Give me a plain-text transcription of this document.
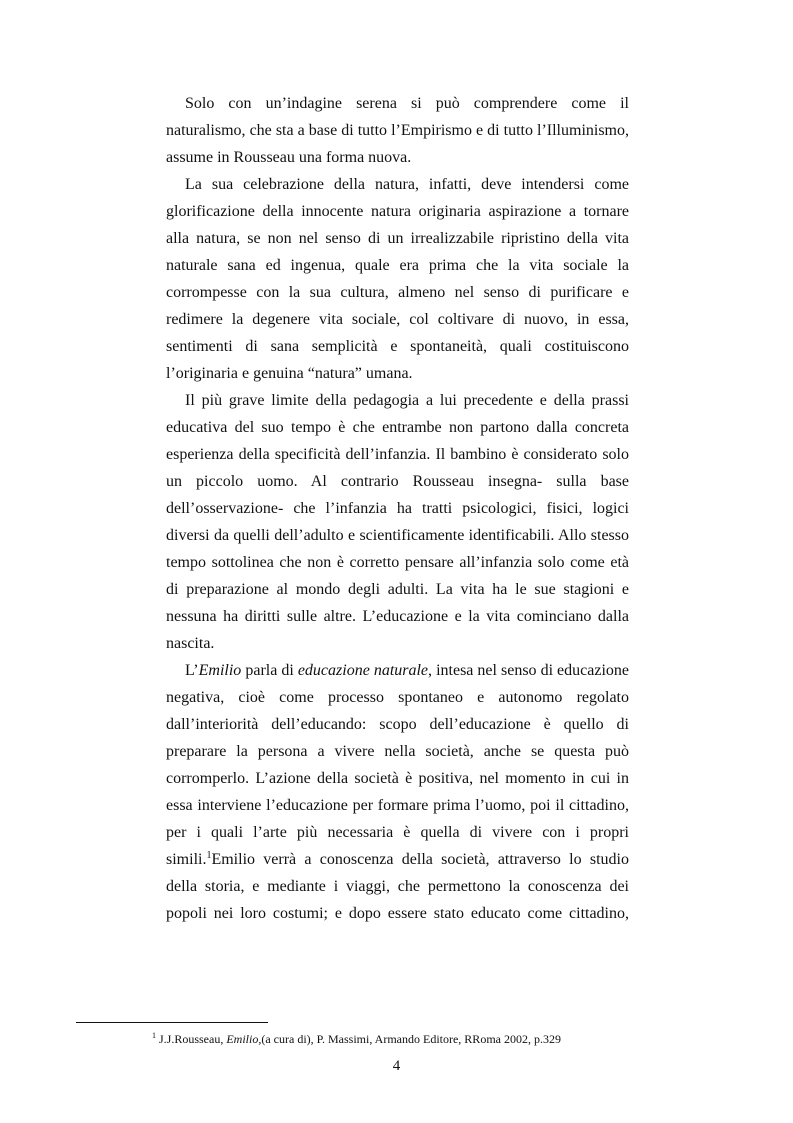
Solo con un’indagine serena si può comprendere come il naturalismo, che sta a base di tutto l’Empirismo e di tutto l’Illuminismo, assume in Rousseau una forma nuova.

La sua celebrazione della natura, infatti, deve intendersi come glorificazione della innocente natura originaria aspirazione a tornare alla natura, se non nel senso di un irrealizzabile ripristino della vita naturale sana ed ingenua, quale era prima che la vita sociale la corrompesse con la sua cultura, almeno nel senso di purificare e redimere la degenere vita sociale, col coltivare di nuovo, in essa, sentimenti di sana semplicità e spontaneità, quali costituiscono l’originaria e genuina “natura” umana.

Il più grave limite della pedagogia a lui precedente e della prassi educativa del suo tempo è che entrambe non partono dalla concreta esperienza della specificità dell’infanzia. Il bambino è considerato solo un piccolo uomo. Al contrario Rousseau insegna- sulla base dell’osservazione- che l’infanzia ha tratti psicologici, fisici, logici diversi da quelli dell’adulto e scientificamente identificabili. Allo stesso tempo sottolinea che non è corretto pensare all’infanzia solo come età di preparazione al mondo degli adulti. La vita ha le sue stagioni e nessuna ha diritti sulle altre. L’educazione e la vita cominciano dalla nascita.

L’Emilio parla di educazione naturale, intesa nel senso di educazione negativa, cioè come processo spontaneo e autonomo regolato dall’interiorità dell’educando: scopo dell’educazione è quello di preparare la persona a vivere nella società, anche se questa può corromperlo. L’azione della società è positiva, nel momento in cui in essa interviene l’educazione per formare prima l’uomo, poi il cittadino, per i quali l’arte più necessaria è quella di vivere con i propri simili.$^1$Emilio verrà a conoscenza della società, attraverso lo studio della storia, e mediante i viaggi, che permettono la conoscenza dei popoli nei loro costumi; e dopo essere stato educato come cittadino,

$^1$ J.J.Rousseau, Emilio,(a cura di), P. Massimi, Armando Editore, RRoma 2002, p.329
4
